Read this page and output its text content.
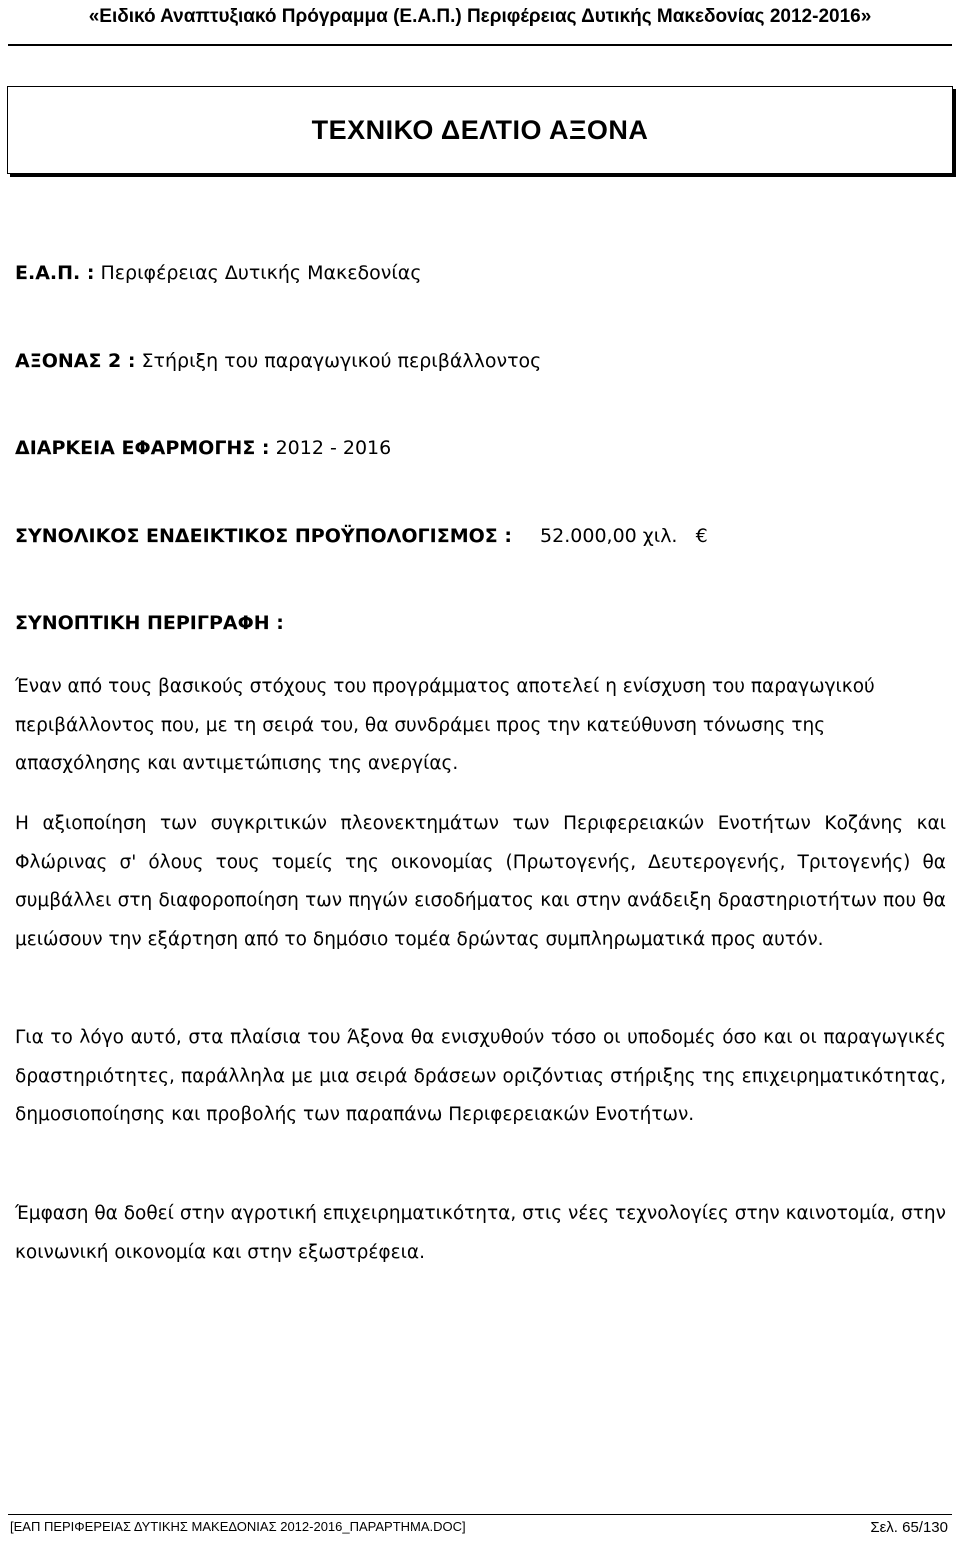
«Ειδικό Αναπτυξιακό Πρόγραμμα (Ε.Α.Π.) Περιφέρειας Δυτικής Μακεδονίας 2012-2016»
ΤΕΧΝΙΚΟ ΔΕΛΤΙΟ ΑΞΟΝΑ
Ε.Α.Π. : Περιφέρειας Δυτικής Μακεδονίας
ΑΞΟΝΑΣ 2 : Στήριξη του παραγωγικού περιβάλλοντος
ΔΙΑΡΚΕΙΑ ΕΦΑΡΜΟΓΗΣ : 2012 - 2016
ΣΥΝΟΛΙΚΟΣ ΕΝΔΕΙΚΤΙΚΟΣ ΠΡΟΫΠΟΛΟΓΙΣΜΟΣ : 52.000,00 χιλ. €
ΣΥΝΟΠΤΙΚΗ ΠΕΡΙΓΡΑΦΗ :

Έναν από τους βασικούς στόχους του προγράμματος αποτελεί η ενίσχυση του παραγωγικού περιβάλλοντος που, με τη σειρά του, θα συνδράμει προς την κατεύθυνση τόνωσης της απασχόλησης και αντιμετώπισης της ανεργίας.

Η αξιοποίηση των συγκριτικών πλεονεκτημάτων των Περιφερειακών Ενοτήτων Κοζάνης και Φλώρινας σ' όλους τους τομείς της οικονομίας (Πρωτογενής, Δευτερογενής, Τριτογενής) θα συμβάλλει στη διαφοροποίηση των πηγών εισοδήματος και στην ανάδειξη δραστηριοτήτων που θα μειώσουν την εξάρτηση από το δημόσιο τομέα δρώντας συμπληρωματικά προς αυτόν.

Για το λόγο αυτό, στα πλαίσια του Άξονα θα ενισχυθούν τόσο οι υποδομές όσο και οι παραγωγικές δραστηριότητες, παράλληλα με μια σειρά δράσεων οριζόντιας στήριξης της επιχειρηματικότητας, δημοσιοποίησης και προβολής των παραπάνω Περιφερειακών Ενοτήτων.

Έμφαση θα δοθεί στην αγροτική επιχειρηματικότητα, στις νέες τεχνολογίες στην καινοτομία, στην κοινωνική οικονομία και στην εξωστρέφεια.

[ΕΑΠ ΠΕΡΙΦΕΡΕΙΑΣ ΔΥΤΙΚΗΣ ΜΑΚΕΔΟΝΙΑΣ 2012-2016_ΠΑΡΑΡΤΗΜΑ.DOC]	Σελ. 65/130
